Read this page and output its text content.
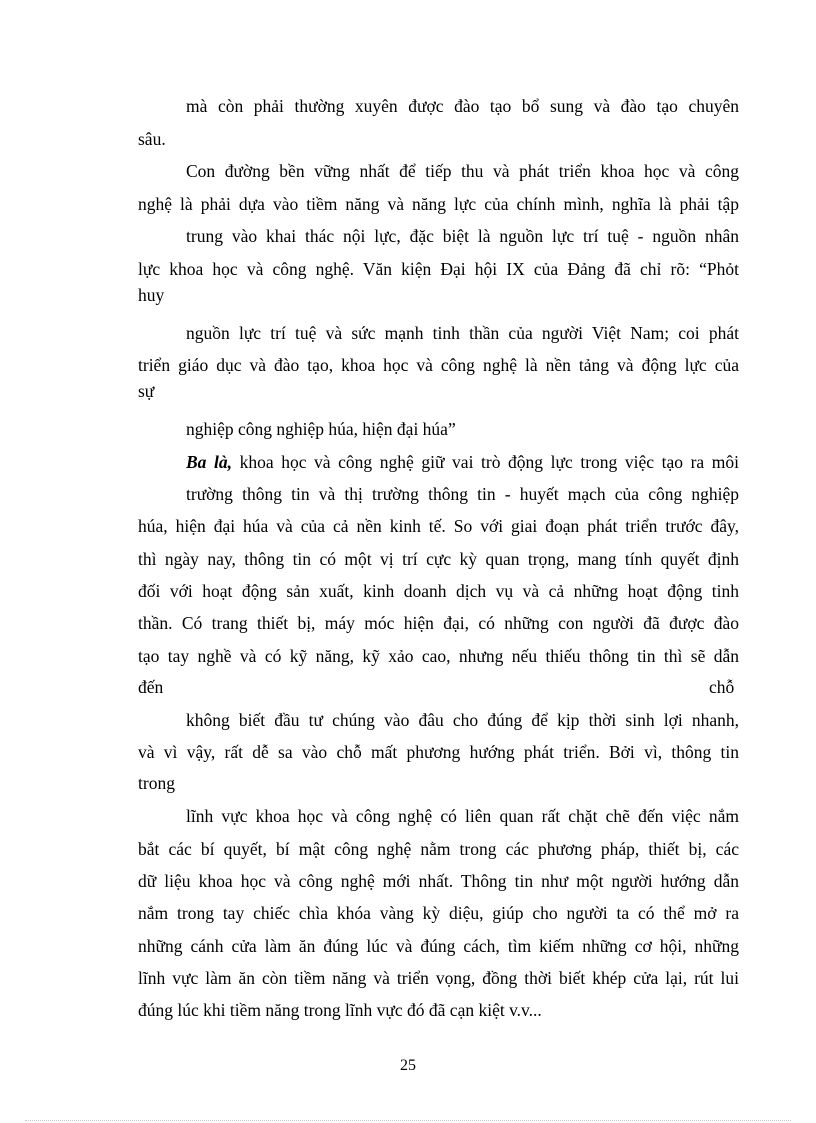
mà còn phải thường xuyên được đào tạo bổ sung và đào tạo chuyên
sâu.
Con đường bền vững nhất để tiếp thu và phát triển khoa học và công
nghệ là phải dựa vào tiềm năng và năng lực của chính mình, nghĩa là phải tập
trung vào khai thác nội lực, đặc biệt là nguồn lực trí tuệ - nguồn nhân
lực khoa học và công nghệ. Văn kiện Đại hội IX của Đảng đã chỉ rõ: “Phỏt
huy
nguồn lực trí tuệ và sức mạnh tinh thần của người Việt Nam; coi phát
triển giáo dục và đào tạo, khoa học và công nghệ là nền tảng và động lực của
sự
nghiệp công nghiệp húa, hiện đại húa”
Ba là, khoa học và công nghệ giữ vai trò động lực trong việc tạo ra môi
trường thông tin và thị trường thông tin - huyết mạch của công nghiệp
húa, hiện đại húa và của cả nền kinh tế. So với giai đoạn phát triển trước đây,
thì ngày nay, thông tin có một vị trí cực kỳ quan trọng, mang tính quyết định
đối với hoạt động sản xuất, kinh doanh dịch vụ và cả những hoạt động tinh
thần. Có trang thiết bị, máy móc hiện đại, có những con người đã được đào
tạo tay nghề và có kỹ năng, kỹ xảo cao, nhưng nếu thiếu thông tin thì sẽ dẫn
đến	chỗ
không biết đầu tư chúng vào đâu cho đúng để kịp thời sinh lợi nhanh,
và vì vậy, rất dễ sa vào chỗ mất phương hướng phát triển. Bởi vì, thông tin
trong
lĩnh vực khoa học và công nghệ có liên quan rất chặt chẽ đến việc nắm
bắt các bí quyết, bí mật công nghệ nằm trong các phương pháp, thiết bị, các
dữ liệu khoa học và công nghệ mới nhất. Thông tin như một người hướng dẫn
nắm trong tay chiếc chìa khóa vàng kỳ diệu, giúp cho người ta có thể mở ra
những cánh cửa làm ăn đúng lúc và đúng cách, tìm kiếm những cơ hội, những
lĩnh vực làm ăn còn tiềm năng và triển vọng, đồng thời biết khép cửa lại, rút lui
đúng lúc khi tiềm năng trong lĩnh vực đó đã cạn kiệt v.v...
25
